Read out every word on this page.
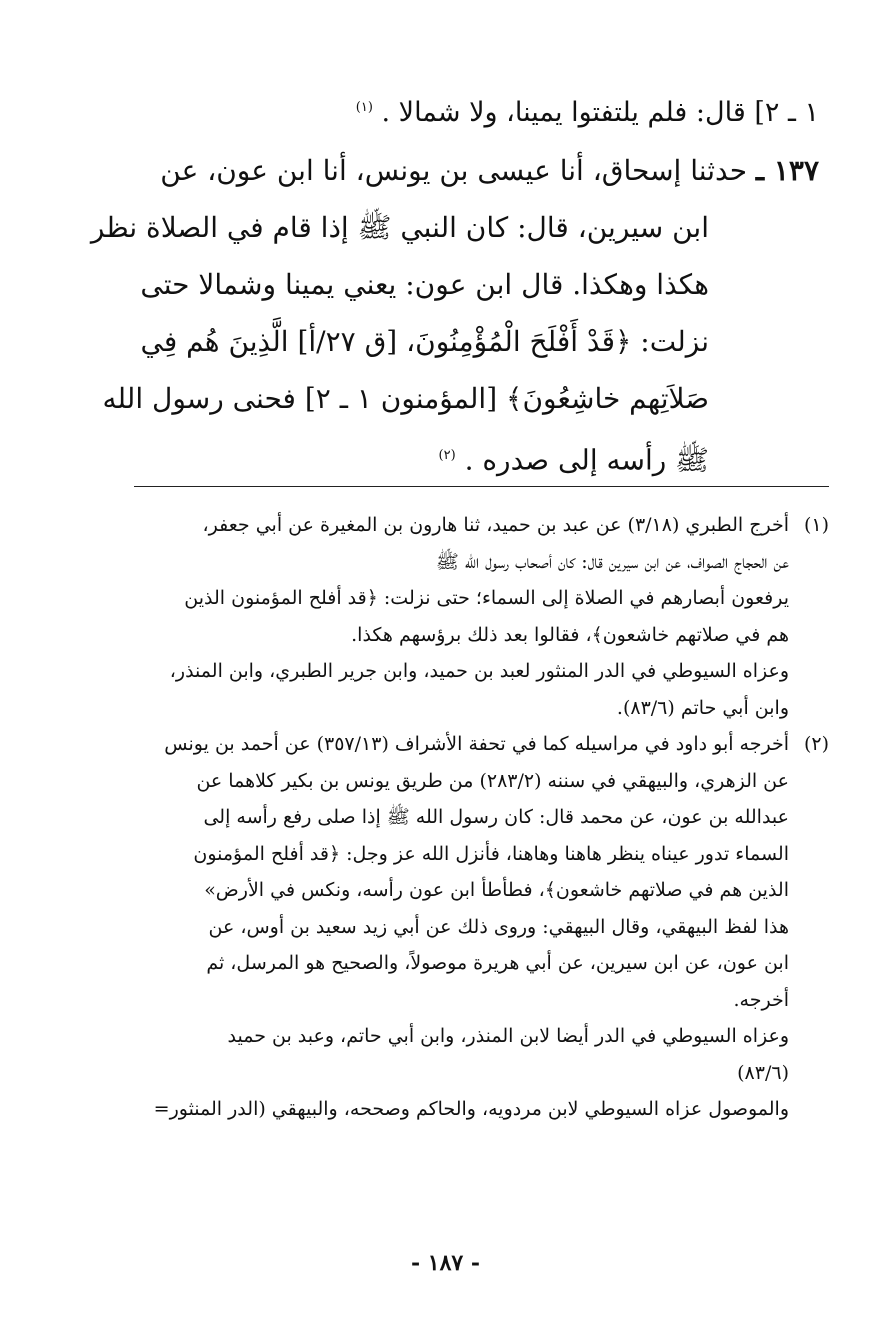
١ ـ ٢] قال: فلم يلتفتوا يمينا، ولا شمالا . $^{(١)}$
١٣٧ ـ حدثنا إسحاق، أنا عيسى بن يونس، أنا ابن عون، عن
ابن سيرين، قال: كان النبي ﷺ إذا قام في الصلاة نظر
هكذا وهكذا. قال ابن عون: يعني يمينا وشمالا حتى
نزلت: ﴿قَدْ أَفْلَحَ الْمُؤْمِنُونَ، [ق ٢٧/أ] الَّذِينَ هُم فِي
صَلاَتِهم خاشِعُونَ﴾ [المؤمنون ١ ـ ٢] فحنى رسول الله
ﷺ رأسه إلى صدره . $^{(٢)}$
(١)

أخرج الطبري (٣/١٨) عن عبد بن حميد، ثنا هارون بن المغيرة عن أبي جعفر،

عن الحجاج الصواف، عن ابن سيرين قال: كان أصحاب رسول الله ﷺ

يرفعون أبصارهم في الصلاة إلى السماء؛ حتى نزلت: ﴿قد أفلح المؤمنون الذين

هم في صلاتهم خاشعون﴾، فقالوا بعد ذلك برؤسهم هكذا.

وعزاه السيوطي في الدر المنثور لعبد بن حميد، وابن جرير الطبري، وابن المنذر،

وابن أبي حاتم (٨٣/٦).

(٢)

أخرجه أبو داود في مراسيله كما في تحفة الأشراف (٣٥٧/١٣) عن أحمد بن يونس

عن الزهري، والبيهقي في سننه (٢٨٣/٢) من طريق يونس بن بكير كلاهما عن

عبدالله بن عون، عن محمد قال: كان رسول الله ﷺ إذا صلى رفع رأسه إلى

السماء تدور عيناه ينظر هاهنا وهاهنا، فأنزل الله عز وجل: ﴿قد أفلح المؤمنون

الذين هم في صلاتهم خاشعون﴾، فطأطأ ابن عون رأسه، ونكس في الأرض»

هذا لفظ البيهقي، وقال البيهقي: وروى ذلك عن أبي زيد سعيد بن أوس، عن

ابن عون، عن ابن سيرين، عن أبي هريرة موصولاً، والصحيح هو المرسل، ثم

أخرجه.

وعزاه السيوطي في الدر أيضا لابن المنذر، وابن أبي حاتم، وعبد بن حميد

(٨٣/٦)

والموصول عزاه السيوطي لابن مردويه، والحاكم وصححه، والبيهقي (الدر المنثور=

- ١٨٧ -
